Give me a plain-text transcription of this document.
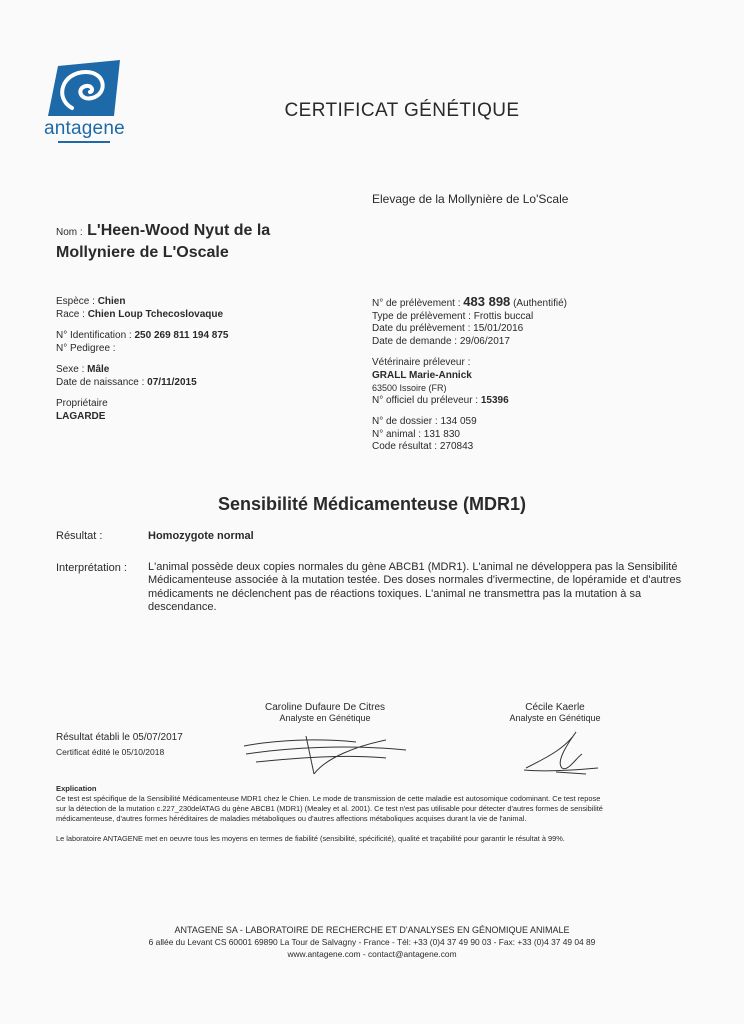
antagene
CERTIFICAT GÉNÉTIQUE
Elevage de la Mollynière de Lo'Scale
Nom : L'Heen-Wood Nyut de la
Mollyniere de L'Oscale
Espèce : Chien
Race : Chien Loup Tchecoslovaque
N° Identification : 250 269 811 194 875
N° Pedigree :
Sexe : Mâle
Date de naissance : 07/11/2015
Propriétaire
LAGARDE
N° de prélèvement : 483 898 (Authentifié)
Type de prélèvement : Frottis buccal
Date du prélèvement : 15/01/2016
Date de demande : 29/06/2017
Vétérinaire préleveur :
GRALL Marie-Annick
63500 Issoire (FR)
N° officiel du préleveur : 15396
N° de dossier : 134 059
N° animal : 131 830
Code résultat : 270843
Sensibilité Médicamenteuse (MDR1)
Résultat :	Homozygote normal
Interprétation : L'animal possède deux copies normales du gène ABCB1 (MDR1). L'animal ne développera pas la Sensibilité
Médicamenteuse associée à la mutation testée. Des doses normales d'ivermectine, de lopéramide et d'autres
médicaments ne déclenchent pas de réactions toxiques. L'animal ne transmettra pas la mutation à sa
descendance.
Caroline Dufaure De Citres
Analyste en Génétique
Cécile Kaerle
Analyste en Génétique
Résultat établi le 05/07/2017
Certificat édité le 05/10/2018
Explication
Ce test est spécifique de la Sensibilité Médicamenteuse MDR1 chez le Chien. Le mode de transmission de cette maladie est autosomique codominant. Ce test repose
sur la détection de la mutation c.227_230delATAG du gène ABCB1 (MDR1) (Mealey et al. 2001). Ce test n'est pas utilisable pour détecter d'autres formes de sensibilité
médicamenteuse, d'autres formes héréditaires de maladies métaboliques ou d'autres affections métaboliques acquises durant la vie de l'animal.
Le laboratoire ANTAGENE met en oeuvre tous les moyens en termes de fiabilité (sensibilité, spécificité), qualité et traçabilité pour garantir le résultat à 99%.
ANTAGENE SA - LABORATOIRE DE RECHERCHE ET D'ANALYSES EN GÉNOMIQUE ANIMALE
6 allée du Levant CS 60001 69890 La Tour de Salvagny - France - Tél: +33 (0)4 37 49 90 03 - Fax: +33 (0)4 37 49 04 89
www.antagene.com - contact@antagene.com
